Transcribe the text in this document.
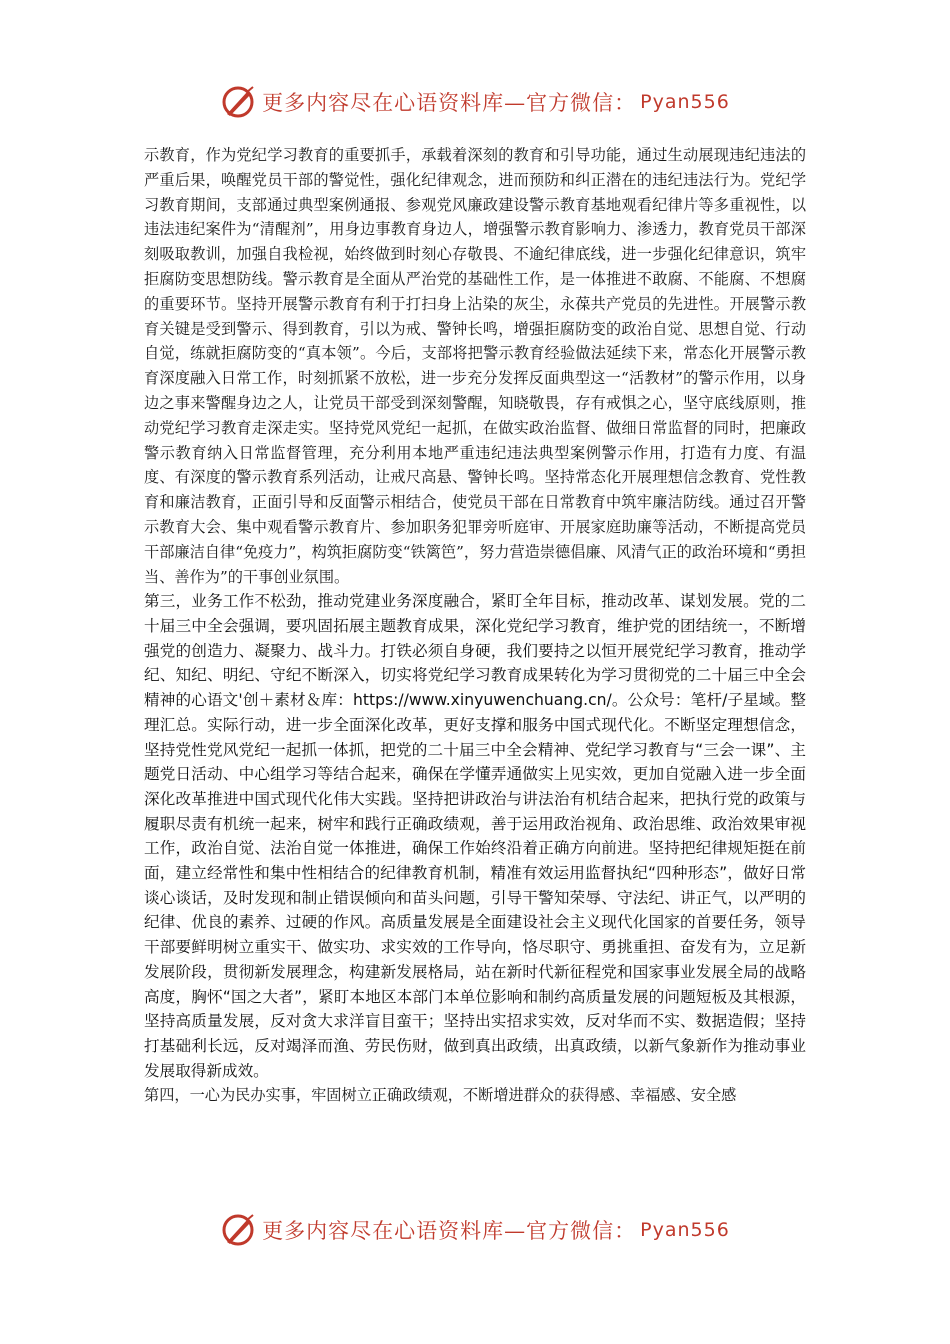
更多内容尽在心语资料库—官方微信： Pyan556

示教育，作为党纪学习教育的重要抓手，承载着深刻的教育和引导功能，通过生动展现违纪违法的严重后果，唤醒党员干部的警觉性，强化纪律观念，进而预防和纠正潜在的违纪违法行为。党纪学习教育期间，支部通过典型案例通报、参观党风廉政建设警示教育基地观看纪律片等多重视性，以违法违纪案件为“清醒剂”，用身边事教育身边人，增强警示教育影响力、渗透力，教育党员干部深刻吸取教训，加强自我检视，始终做到时刻心存敬畏、不逾纪律底线，进一步强化纪律意识，筑牢拒腐防变思想防线。警示教育是全面从严治党的基础性工作，是一体推进不敢腐、不能腐、不想腐的重要环节。坚持开展警示教育有利于打扫身上沾染的灰尘，永葆共产党员的先进性。开展警示教育关键是受到警示、得到教育，引以为戒、警钟长鸣，增强拒腐防变的政治自觉、思想自觉、行动自觉，练就拒腐防变的“真本领”。今后，支部将把警示教育经验做法延续下来，常态化开展警示教育深度融入日常工作，时刻抓紧不放松，进一步充分发挥反面典型这一“活教材”的警示作用，以身边之事来警醒身边之人，让党员干部受到深刻警醒，知晓敬畏，存有戒惧之心，坚守底线原则，推动党纪学习教育走深走实。坚持党风党纪一起抓，在做实政治监督、做细日常监督的同时，把廉政警示教育纳入日常监督管理，充分利用本地严重违纪违法典型案例警示作用，打造有力度、有温度、有深度的警示教育系列活动，让戒尺高悬、警钟长鸣。坚持常态化开展理想信念教育、党性教育和廉洁教育，正面引导和反面警示相结合，使党员干部在日常教育中筑牢廉洁防线。通过召开警示教育大会、集中观看警示教育片、参加职务犯罪旁听庭审、开展家庭助廉等活动，不断提高党员干部廉洁自律“免疫力”，构筑拒腐防变“铁篱笆”，努力营造崇德倡廉、风清气正的政治环境和“勇担当、善作为”的干事创业氛围。

第三，业务工作不松劲，推动党建业务深度融合，紧盯全年目标，推动改革、谋划发展。党的二十届三中全会强调，要巩固拓展主题教育成果，深化党纪学习教育，维护党的团结统一，不断增强党的创造力、凝聚力、战斗力。打铁必须自身硬，我们要持之以恒开展党纪学习教育，推动学纪、知纪、明纪、守纪不断深入，切实将党纪学习教育成果转化为学习贯彻党的二十届三中全会精神的心语文'创＋素材＆库：https://www.xinyuwenchuang.cn/。公众号：笔杆/子星域。整理汇总。实际行动，进一步全面深化改革，更好支撑和服务中国式现代化。不断坚定理想信念，坚持党性党风党纪一起抓一体抓，把党的二十届三中全会精神、党纪学习教育与“三会一课”、主题党日活动、中心组学习等结合起来，确保在学懂弄通做实上见实效，更加自觉融入进一步全面深化改革推进中国式现代化伟大实践。坚持把讲政治与讲法治有机结合起来，把执行党的政策与履职尽责有机统一起来，树牢和践行正确政绩观，善于运用政治视角、政治思维、政治效果审视工作，政治自觉、法治自觉一体推进，确保工作始终沿着正确方向前进。坚持把纪律规矩挺在前面，建立经常性和集中性相结合的纪律教育机制，精准有效运用监督执纪“四种形态”，做好日常谈心谈话，及时发现和制止错误倾向和苗头问题，引导干警知荣辱、守法纪、讲正气，以严明的纪律、优良的素养、过硬的作风。高质量发展是全面建设社会主义现代化国家的首要任务，领导干部要鲜明树立重实干、做实功、求实效的工作导向，恪尽职守、勇挑重担、奋发有为，立足新发展阶段，贯彻新发展理念，构建新发展格局，站在新时代新征程党和国家事业发展全局的战略高度，胸怀“国之大者”，紧盯本地区本部门本单位影响和制约高质量发展的问题短板及其根源，坚持高质量发展，反对贪大求洋盲目蛮干；坚持出实招求实效，反对华而不实、数据造假；坚持打基础利长远，反对竭泽而渔、劳民伤财，做到真出政绩，出真政绩，以新气象新作为推动事业发展取得新成效。

第四，一心为民办实事，牢固树立正确政绩观，不断增进群众的获得感、幸福感、安全感

更多内容尽在心语资料库—官方微信： Pyan556
